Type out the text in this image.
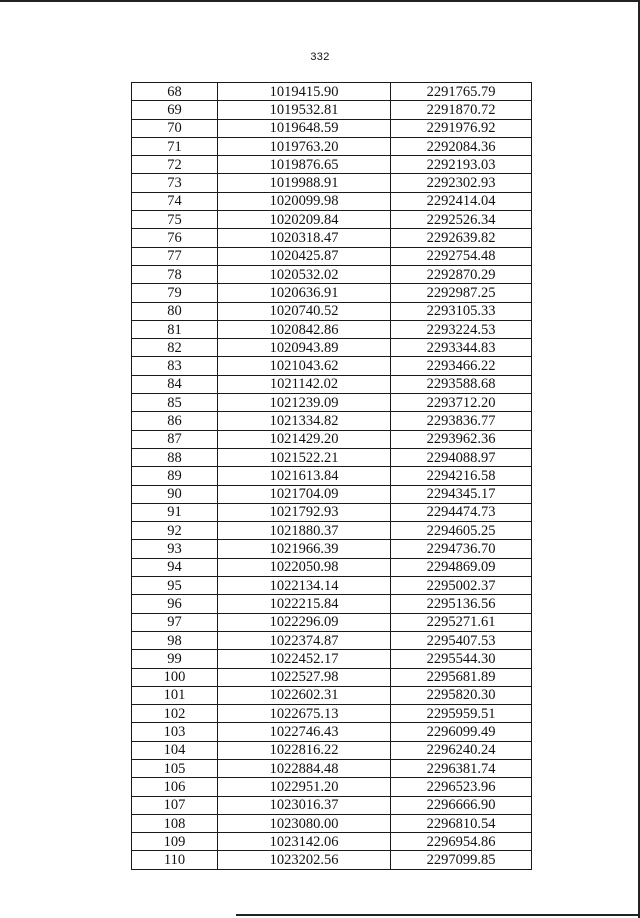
332
68	1019415.90	2291765.79
69	1019532.81	2291870.72
70	1019648.59	2291976.92
71	1019763.20	2292084.36
72	1019876.65	2292193.03
73	1019988.91	2292302.93
74	1020099.98	2292414.04
75	1020209.84	2292526.34
76	1020318.47	2292639.82
77	1020425.87	2292754.48
78	1020532.02	2292870.29
79	1020636.91	2292987.25
80	1020740.52	2293105.33
81	1020842.86	2293224.53
82	1020943.89	2293344.83
83	1021043.62	2293466.22
84	1021142.02	2293588.68
85	1021239.09	2293712.20
86	1021334.82	2293836.77
87	1021429.20	2293962.36
88	1021522.21	2294088.97
89	1021613.84	2294216.58
90	1021704.09	2294345.17
91	1021792.93	2294474.73
92	1021880.37	2294605.25
93	1021966.39	2294736.70
94	1022050.98	2294869.09
95	1022134.14	2295002.37
96	1022215.84	2295136.56
97	1022296.09	2295271.61
98	1022374.87	2295407.53
99	1022452.17	2295544.30
100	1022527.98	2295681.89
101	1022602.31	2295820.30
102	1022675.13	2295959.51
103	1022746.43	2296099.49
104	1022816.22	2296240.24
105	1022884.48	2296381.74
106	1022951.20	2296523.96
107	1023016.37	2296666.90
108	1023080.00	2296810.54
109	1023142.06	2296954.86
110	1023202.56	2297099.85
